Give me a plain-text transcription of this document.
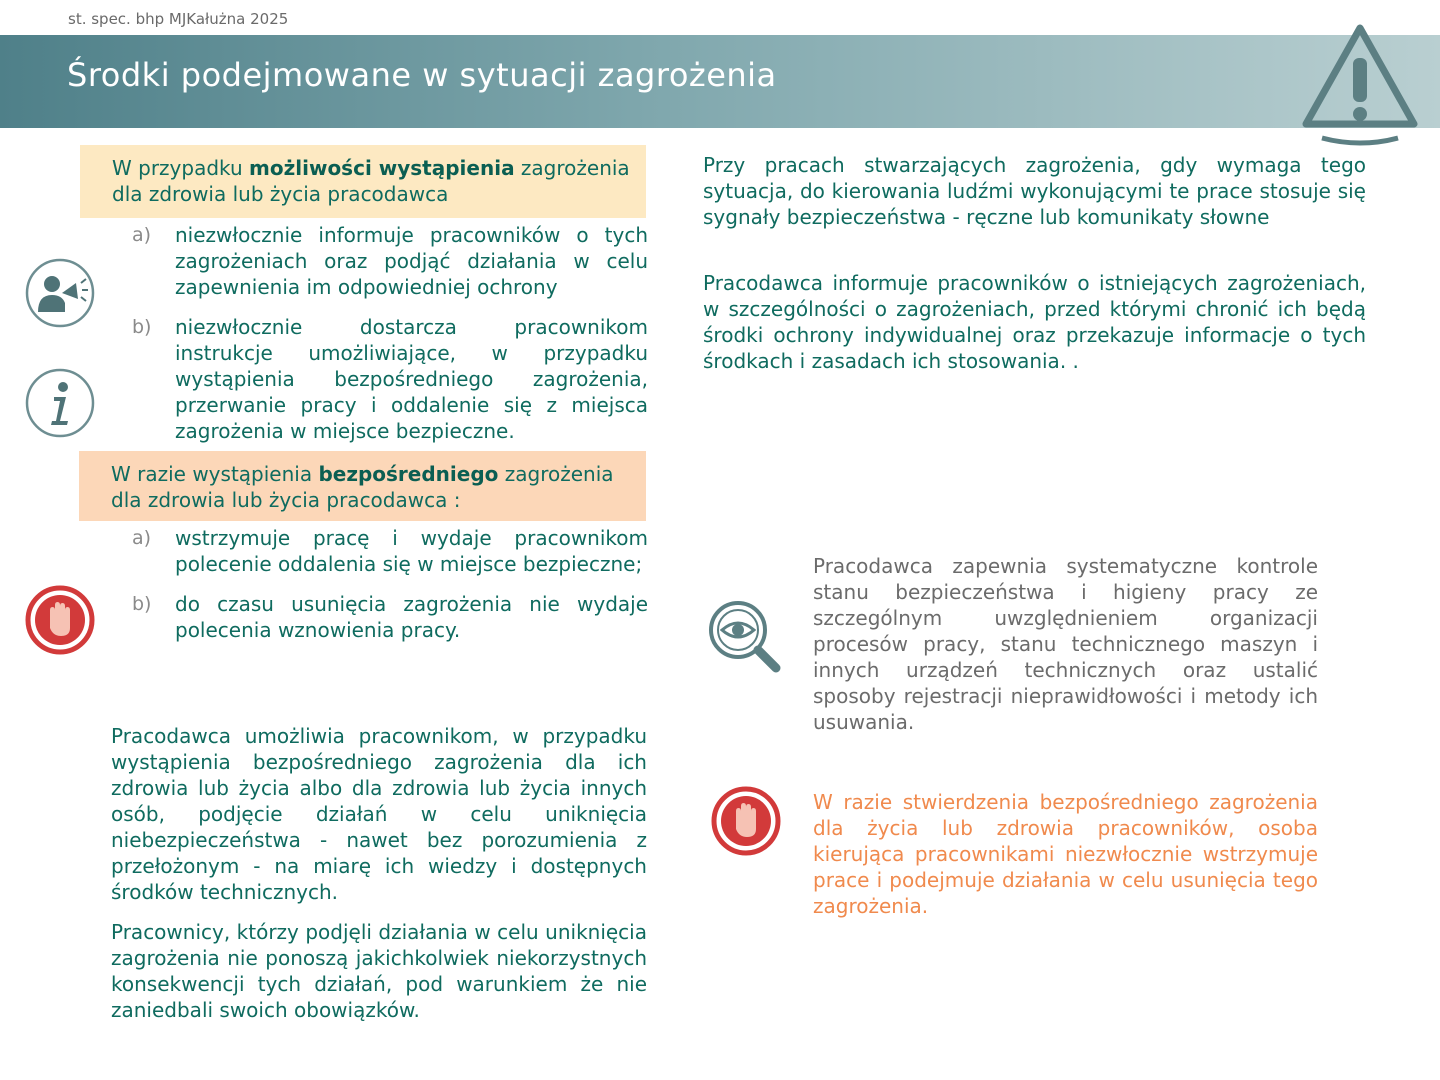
st. spec. bhp MJKałużna 2025
Środki podejmowane w sytuacji zagrożenia
W przypadku możliwości wystąpienia zagrożenia dla zdrowia lub życia pracodawca
a) niezwłocznie informuje pracowników o tych zagrożeniach oraz podjąć działania w celu zapewnienia im odpowiedniej ochrony
b) niezwłocznie dostarcza pracownikom instrukcje umożliwiające, w przypadku wystąpienia bezpośredniego zagrożenia, przerwanie pracy i oddalenie się z miejsca zagrożenia w miejsce bezpieczne.
W razie wystąpienia bezpośredniego zagrożenia dla zdrowia lub życia pracodawca :
a) wstrzymuje pracę i wydaje pracownikom polecenie oddalenia się w miejsce bezpieczne;
b) do czasu usunięcia zagrożenia nie wydaje polecenia wznowienia pracy.

Pracodawca umożliwia pracownikom, w przypadku wystąpienia bezpośredniego zagrożenia dla ich zdrowia lub życia albo dla zdrowia lub życia innych osób, podjęcie działań w celu uniknięcia niebezpieczeństwa - nawet bez porozumienia z przełożonym - na miarę ich wiedzy i dostępnych środków technicznych.

Pracownicy, którzy podjęli działania w celu uniknięcia zagrożenia nie ponoszą jakichkolwiek niekorzystnych konsekwencji tych działań, pod warunkiem że nie zaniedbali swoich obowiązków.

Przy pracach stwarzających zagrożenia, gdy wymaga tego sytuacja, do kierowania ludźmi wykonującymi te prace stosuje się sygnały bezpieczeństwa - ręczne lub komunikaty słowne

Pracodawca informuje pracowników o istniejących zagrożeniach, w szczególności o zagrożeniach, przed którymi chronić ich będą środki ochrony indywidualnej oraz przekazuje informacje o tych środkach i zasadach ich stosowania. .

Pracodawca zapewnia systematyczne kontrole stanu bezpieczeństwa i higieny pracy ze szczególnym uwzględnieniem organizacji procesów pracy, stanu technicznego maszyn i innych urządzeń technicznych oraz ustalić sposoby rejestracji nieprawidłowości i metody ich usuwania.

W razie stwierdzenia bezpośredniego zagrożenia dla życia lub zdrowia pracowników, osoba kierująca pracownikami niezwłocznie wstrzymuje prace i podejmuje działania w celu usunięcia tego zagrożenia.
